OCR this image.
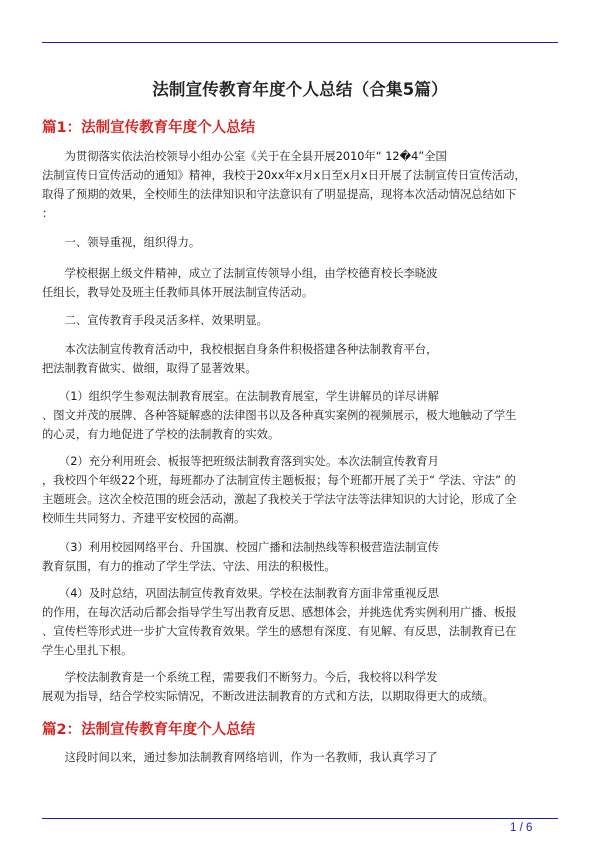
法制宣传教育年度个人总结（合集5篇）
篇1：法制宣传教育年度个人总结
　　为贯彻落实依法治校领导小组办公室《关于在全县开展2010年“ 12�4”全国
法制宣传日宣传活动的通知》精神，我校于20xx年x月x日至x月x日开展了法制宣传日宣传活动，
取得了预期的效果，全校师生的法律知识和守法意识有了明显提高，现将本次活动情况总结如下
：
　　一、领导重视，组织得力。
　　学校根据上级文件精神，成立了法制宣传领导小组，由学校德育校长李晓波
任组长，教导处及班主任教师具体开展法制宣传活动。
　　二、宣传教育手段灵活多样、效果明显。
　　本次法制宣传教育活动中，我校根据自身条件积极搭建各种法制教育平台，
把法制教育做实、做细，取得了显著效果。
　　（1）组织学生参观法制教育展室。在法制教育展室，学生讲解员的详尽讲解
、图文并茂的展牌、各种答疑解惑的法律图书以及各种真实案例的视频展示，极大地触动了学生
的心灵，有力地促进了学校的法制教育的实效。
　　（2）充分利用班会、板报等把班级法制教育落到实处。本次法制宣传教育月
，我校四个年级22个班，每班都办了法制宣传主题板报；每个班都开展了关于“ 学法、守法” 的
主题班会。这次全校范围的班会活动，激起了我校关于学法守法等法律知识的大讨论，形成了全
校师生共同努力、齐建平安校园的高潮。
　　（3）利用校园网络平台、升国旗、校园广播和法制热线等积极营造法制宣传
教育氛围，有力的推动了学生学法、守法、用法的积极性。
　　（4）及时总结，巩固法制宣传教育效果。学校在法制教育方面非常重视反思
的作用，在每次活动后都会指导学生写出教育反思、感想体会，并挑选优秀实例利用广播、板报
、宣传栏等形式进一步扩大宣传教育效果。学生的感想有深度、有见解、有反思，法制教育已在
学生心里扎下根。
　　学校法制教育是一个系统工程，需要我们不断努力。今后，我校将以科学发
展观为指导，结合学校实际情况，不断改进法制教育的方式和方法，以期取得更大的成绩。
篇2：法制宣传教育年度个人总结
　　这段时间以来，通过参加法制教育网络培训，作为一名教师，我认真学习了
1 / 6
